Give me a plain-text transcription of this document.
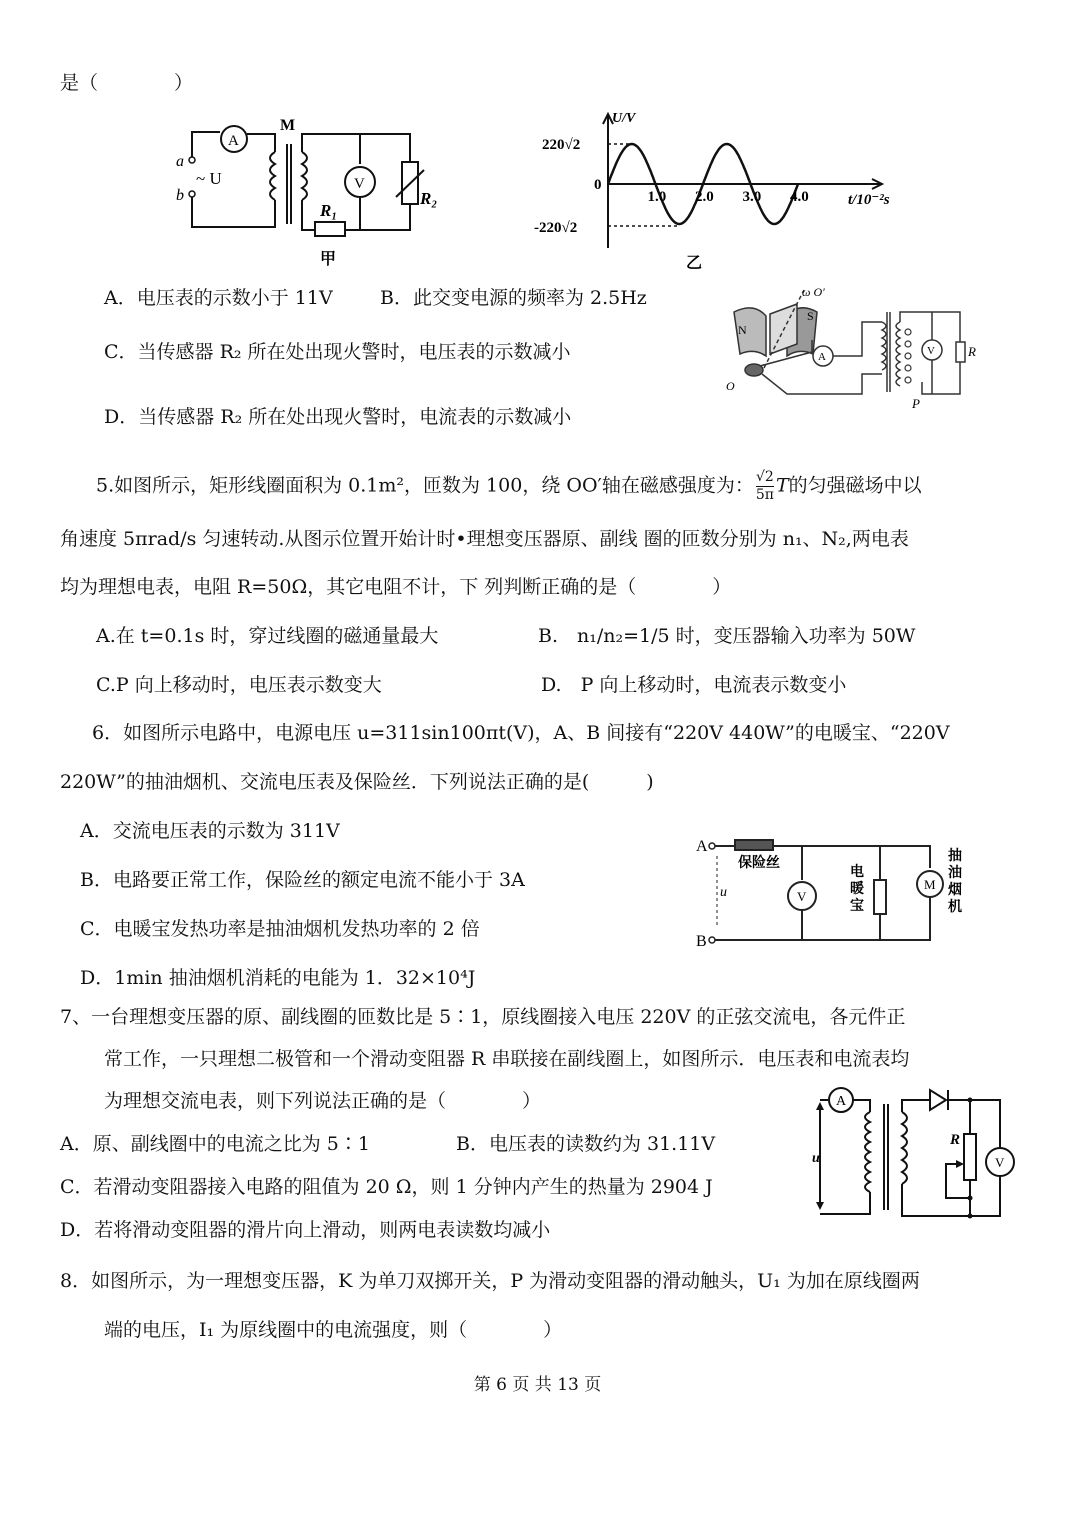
是（　　　　）
a
b
~ U
A
M
V
R₁
R₂
甲
1.0 2.0 3.0 4.0
U/V
220√2
0
-220√2
t/10⁻²s
乙
A．电压表的示数小于 11V B．此交变电源的频率为 2.5Hz
C．当传感器 R₂ 所在处出现火警时，电压表的示数减小
D．当传感器 R₂ 所在处出现火警时，电流表的示数减小
N
S
ω O′
O
A	V	R
P
5.如图所示，矩形线圈面积为 0.1m²，匝数为 100，绕 OO′轴在磁感强度为： $\frac{√2}{5\pi}$ T的匀强磁场中以
角速度 5πrad/s 匀速转动.从图示位置开始计时•理想变压器原、副线 圈的匝数分别为 n₁、N₂,两电表
均为理想电表，电阻 R=50Ω，其它电阻不计，下 列判断正确的是（　　　　）
A.在 t=0.1s 时，穿过线圈的磁通量最大	B.　n₁/n₂=1/5 时，变压器输入功率为 50W
C.P 向上移动时，电压表示数变大	D.　P 向上移动时，电流表示数变小
6．如图所示电路中，电源电压 u=311sin100πt(V)，A、B 间接有“220V 440W”的电暖宝、“220V
220W”的抽油烟机、交流电压表及保险丝．下列说法正确的是(　　　)
A．交流电压表的示数为 311V
B．电路要正常工作，保险丝的额定电流不能小于 3A
C．电暖宝发热功率是抽油烟机发热功率的 2 倍
D．1min 抽油烟机消耗的电能为 1．32×10⁴J
A
B
u
保险丝
V
M
电暖宝
抽油烟机
7、一台理想变压器的原、副线圈的匝数比是 5∶1，原线圈接入电压 220V 的正弦交流电，各元件正
常工作，一只理想二极管和一个滑动变阻器 R 串联接在副线圈上，如图所示．电压表和电流表均
为理想交流电表，则下列说法正确的是（　　　　）
A．原、副线圈中的电流之比为 5∶1	B．电压表的读数约为 31.11V
C．若滑动变阻器接入电路的阻值为 20 Ω，则 1 分钟内产生的热量为 2904 J
D．若将滑动变阻器的滑片向上滑动，则两电表读数均减小
A
u
R
V
8．如图所示，为一理想变压器，K 为单刀双掷开关，P 为滑动变阻器的滑动触头，U₁ 为加在原线圈两
端的电压，I₁ 为原线圈中的电流强度，则（　　　　）
第 6 页 共 13 页
